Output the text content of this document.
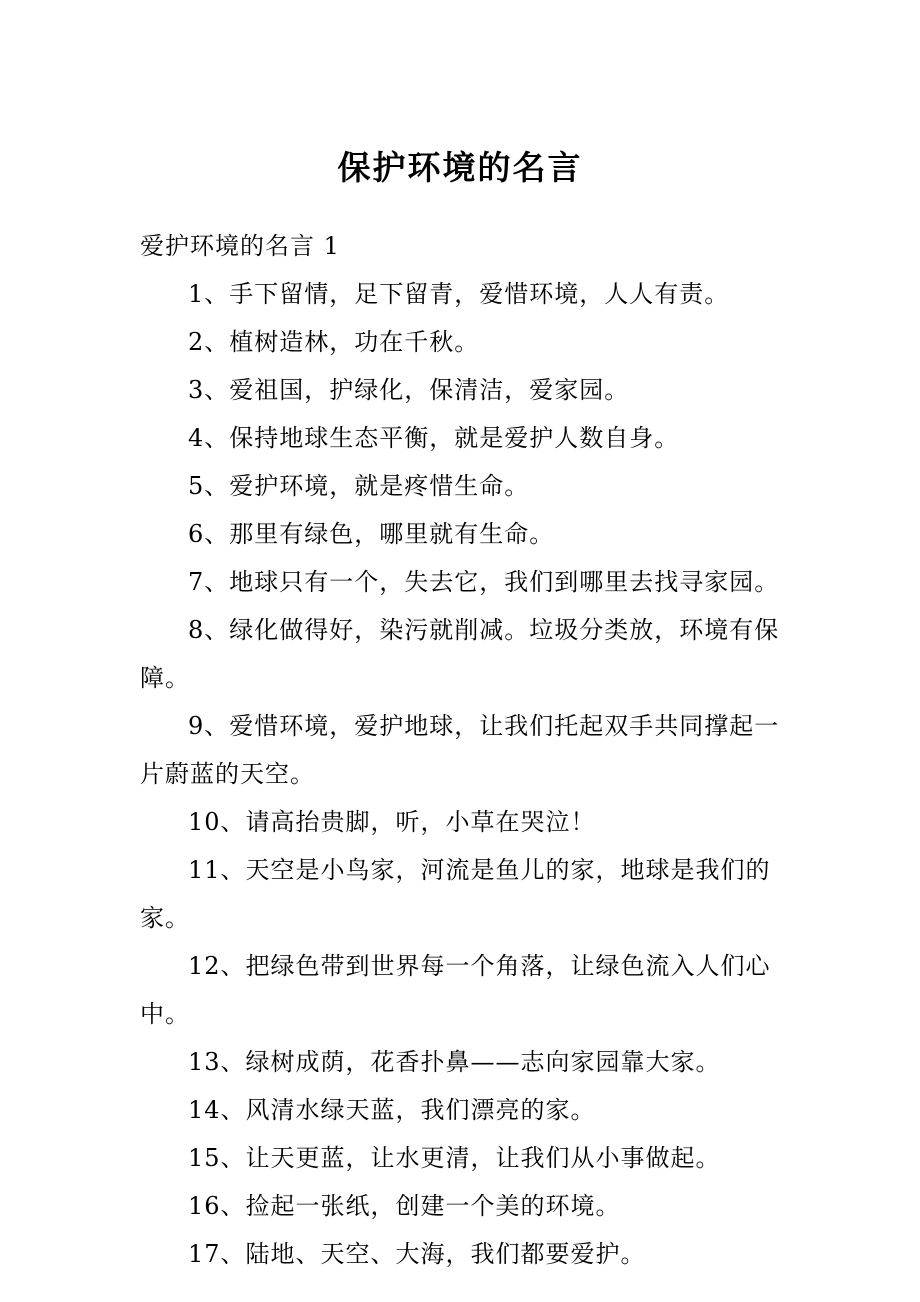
保护环境的名言

爱护环境的名言 1

1、手下留情，足下留青，爱惜环境，人人有责。

2、植树造林，功在千秋。

3、爱祖国，护绿化，保清洁，爱家园。

4、保持地球生态平衡，就是爱护人数自身。

5、爱护环境，就是疼惜生命。

6、那里有绿色，哪里就有生命。

7、地球只有一个，失去它，我们到哪里去找寻家园。

8、绿化做得好，染污就削减。垃圾分类放，环境有保障。

9、爱惜环境，爱护地球，让我们托起双手共同撑起一片蔚蓝的天空。

10、请高抬贵脚，听，小草在哭泣！

11、天空是小鸟家，河流是鱼儿的家，地球是我们的家。

12、把绿色带到世界每一个角落，让绿色流入人们心中。

13、绿树成荫，花香扑鼻——志向家园靠大家。

14、风清水绿天蓝，我们漂亮的家。

15、让天更蓝，让水更清，让我们从小事做起。

16、捡起一张纸，创建一个美的环境。

17、陆地、天空、大海，我们都要爱护。
